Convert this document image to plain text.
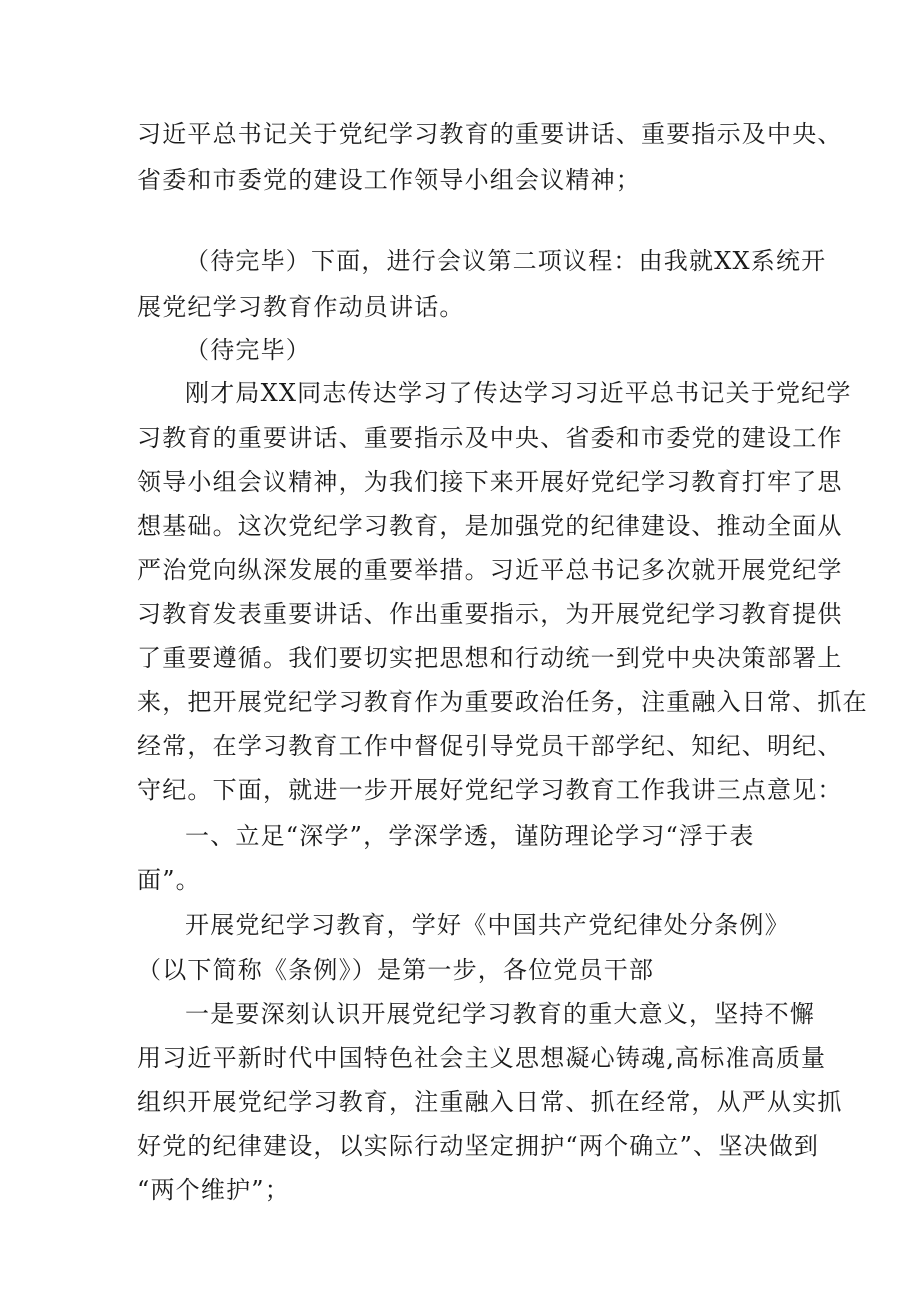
习近平总书记关于党纪学习教育的重要讲话、重要指示及中央、
省委和市委党的建设工作领导小组会议精神；
（待完毕）下面，进行会议第二项议程：由我就XX系统开
展党纪学习教育作动员讲话。
（待完毕）
刚才局XX同志传达学习了传达学习习近平总书记关于党纪学
习教育的重要讲话、重要指示及中央、省委和市委党的建设工作
领导小组会议精神，为我们接下来开展好党纪学习教育打牢了思
想基础。这次党纪学习教育，是加强党的纪律建设、推动全面从
严治党向纵深发展的重要举措。习近平总书记多次就开展党纪学
习教育发表重要讲话、作出重要指示，为开展党纪学习教育提供
了重要遵循。我们要切实把思想和行动统一到党中央决策部署上
来，把开展党纪学习教育作为重要政治任务，注重融入日常、抓在
经常，在学习教育工作中督促引导党员干部学纪、知纪、明纪、
守纪。下面，就进一步开展好党纪学习教育工作我讲三点意见：
一、立足“深学”，学深学透，谨防理论学习“浮于表
面”。
开展党纪学习教育，学好《中国共产党纪律处分条例》
（以下简称《条例》）是第一步，各位党员干部
一是要深刻认识开展党纪学习教育的重大意义，坚持不懈
用习近平新时代中国特色社会主义思想凝心铸魂,高标准高质量
组织开展党纪学习教育，注重融入日常、抓在经常，从严从实抓
好党的纪律建设，以实际行动坚定拥护“两个确立”、坚决做到
“两个维护”；
